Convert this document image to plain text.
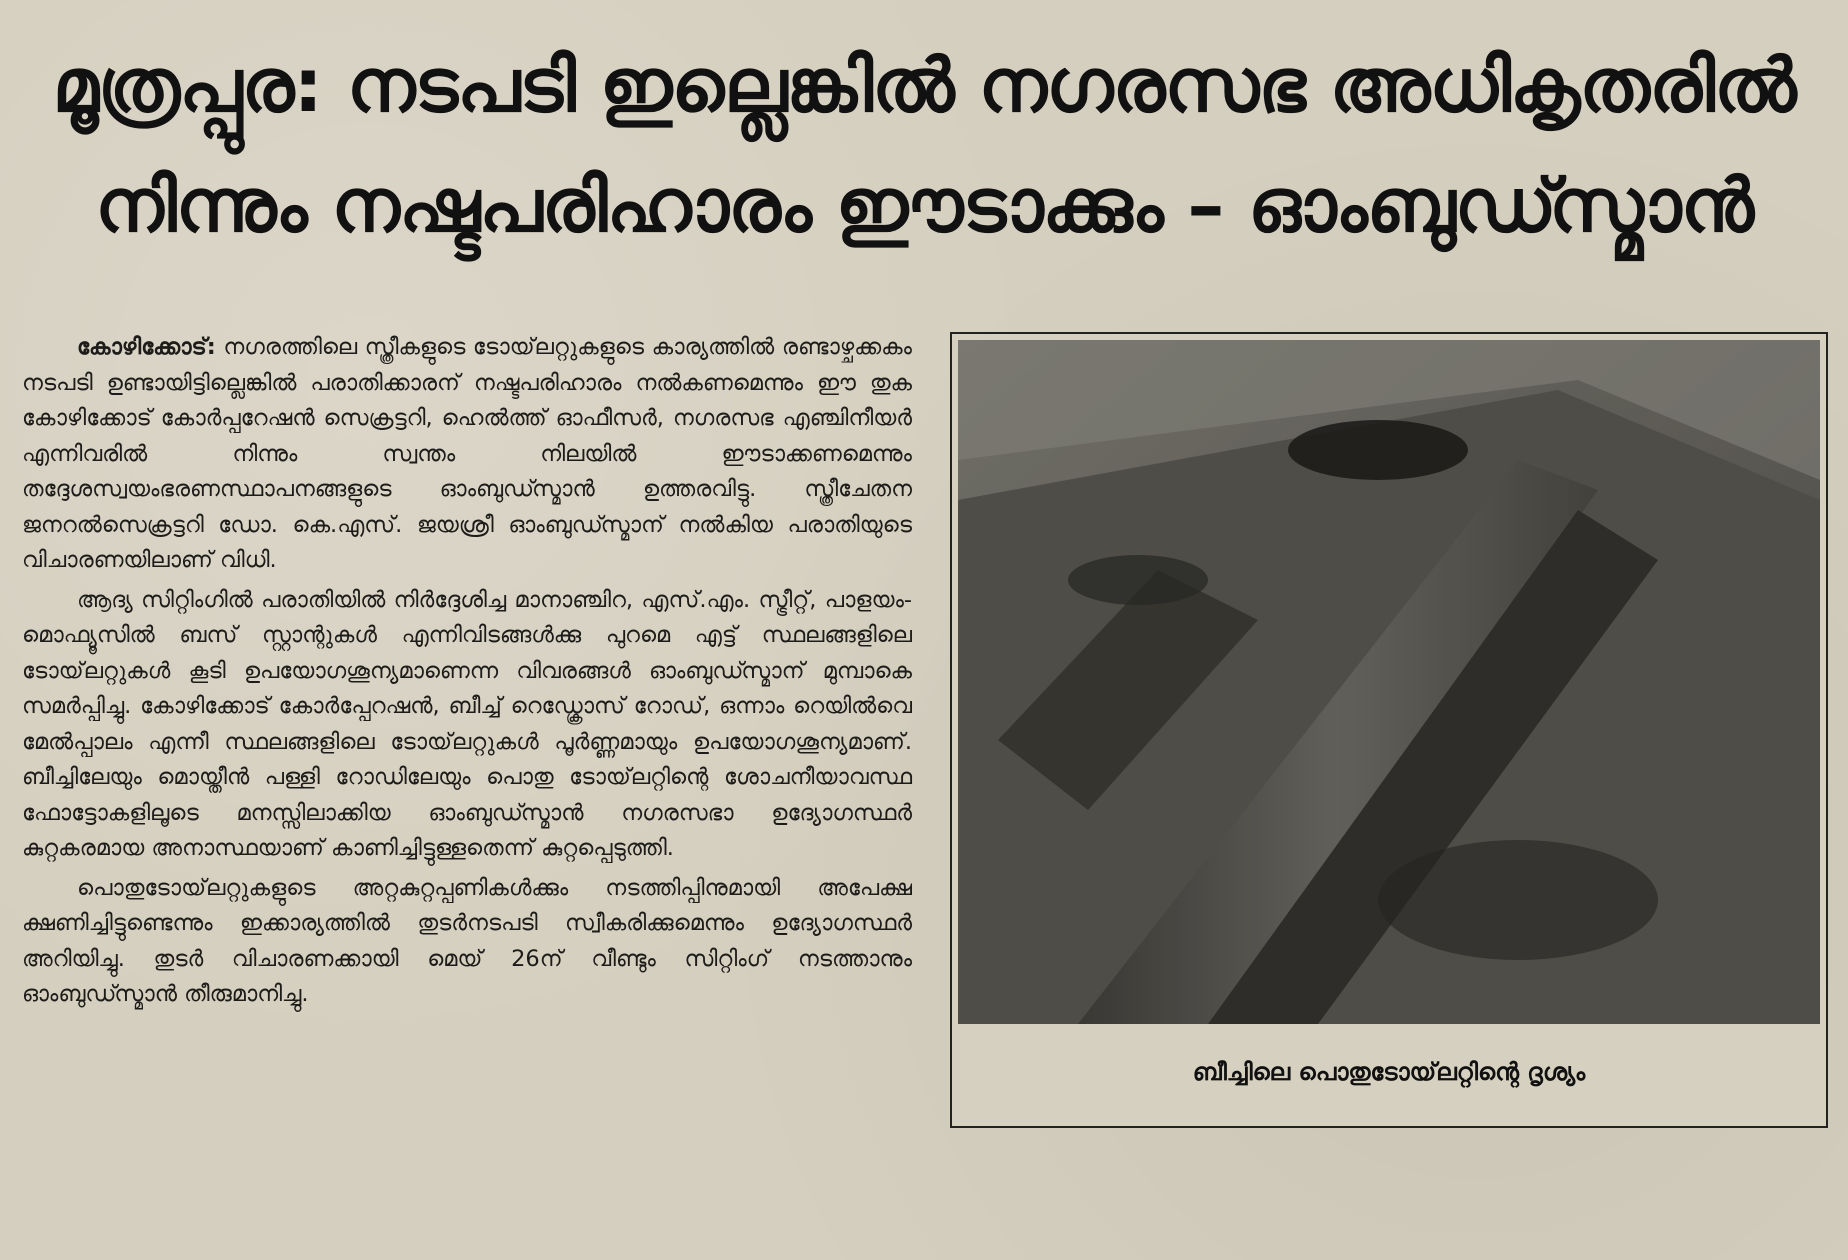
മൂത്രപ്പുര: നടപടി ഇല്ലെങ്കിൽ നഗരസഭ അധികൃതരിൽ
നിന്നും നഷ്ടപരിഹാരം ഈടാക്കും – ഓംബുഡ്സ്മാൻ

കോഴിക്കോട്: നഗരത്തിലെ സ്ത്രീകളുടെ ടോയ്‌ലറ്റുകളുടെ കാര്യത്തിൽ രണ്ടാഴ്ചക്കകം നടപടി ഉണ്ടായിട്ടില്ലെങ്കിൽ പരാതിക്കാരന് നഷ്ടപരിഹാരം നൽകണമെന്നും ഈ തുക കോഴിക്കോട് കോർപ്പറേഷൻ സെക്രട്ടറി, ഹെൽത്ത് ഓഫീസർ, നഗരസഭ എഞ്ചിനീയർ എന്നിവരിൽ നിന്നും സ്വന്തം നിലയിൽ ഈടാക്കണമെന്നും തദ്ദേശസ്വയംഭരണസ്ഥാപനങ്ങളുടെ ഓംബുഡ്സ്മാൻ ഉത്തരവിട്ടു. സ്ത്രീചേതന ജനറൽസെക്രട്ടറി ഡോ. കെ.എസ്. ജയശ്രീ ഓംബുഡ്സ്മാന് നൽകിയ പരാതിയുടെ വിചാരണയിലാണ് വിധി.

ആദ്യ സിറ്റിംഗിൽ പരാതിയിൽ നിർദ്ദേശിച്ച മാനാഞ്ചിറ, എസ്.എം. സ്ട്രീറ്റ്, പാളയം-മൊഫ്യൂസിൽ ബസ് സ്റ്റാന്റുകൾ എന്നിവിടങ്ങൾക്കു പുറമെ എട്ട് സ്ഥലങ്ങളിലെ ടോയ്‌ലറ്റുകൾ കൂടി ഉപയോഗശൂന്യമാണെന്ന വിവരങ്ങൾ ഓംബുഡ്സ്മാന് മുമ്പാകെ സമർപ്പിച്ചു. കോഴിക്കോട് കോർപ്പേറഷൻ, ബീച്ച് റെഡ്ക്രോസ് റോഡ്, ഒന്നാം റെയിൽവെ മേൽപ്പാലം എന്നീ സ്ഥലങ്ങളിലെ ടോയ്‌ലറ്റുകൾ പൂർണ്ണമായും ഉപയോഗശൂന്യമാണ്. ബീച്ചിലേയും മൊയ്തീൻ പള്ളി റോഡിലേയും പൊതു ടോയ്‌ലറ്റിന്റെ ശോചനീയാവസ്ഥ ഫോട്ടോകളിലൂടെ മനസ്സിലാക്കിയ ഓംബുഡ്സ്മാൻ നഗരസഭാ ഉദ്യോഗസ്ഥർ കുറ്റകരമായ അനാസ്ഥയാണ് കാണിച്ചിട്ടുള്ളതെന്ന് കുറ്റപ്പെടുത്തി.

പൊതുടോയ്‌ലറ്റുകളുടെ അറ്റകുറ്റപ്പണികൾക്കും നടത്തിപ്പിനുമായി അപേക്ഷ ക്ഷണിച്ചിട്ടുണ്ടെന്നും ഇക്കാര്യത്തിൽ തുടർനടപടി സ്വീകരിക്കുമെന്നും ഉദ്യോഗസ്ഥർ അറിയിച്ചു. തുടർ വിചാരണക്കായി മെയ് 26ന് വീണ്ടും സിറ്റിംഗ് നടത്താനും ഓംബുഡ്സ്മാൻ തീരുമാനിച്ചു.

ബീച്ചിലെ പൊതുടോയ്‌ലറ്റിന്റെ ദൃശ്യം
